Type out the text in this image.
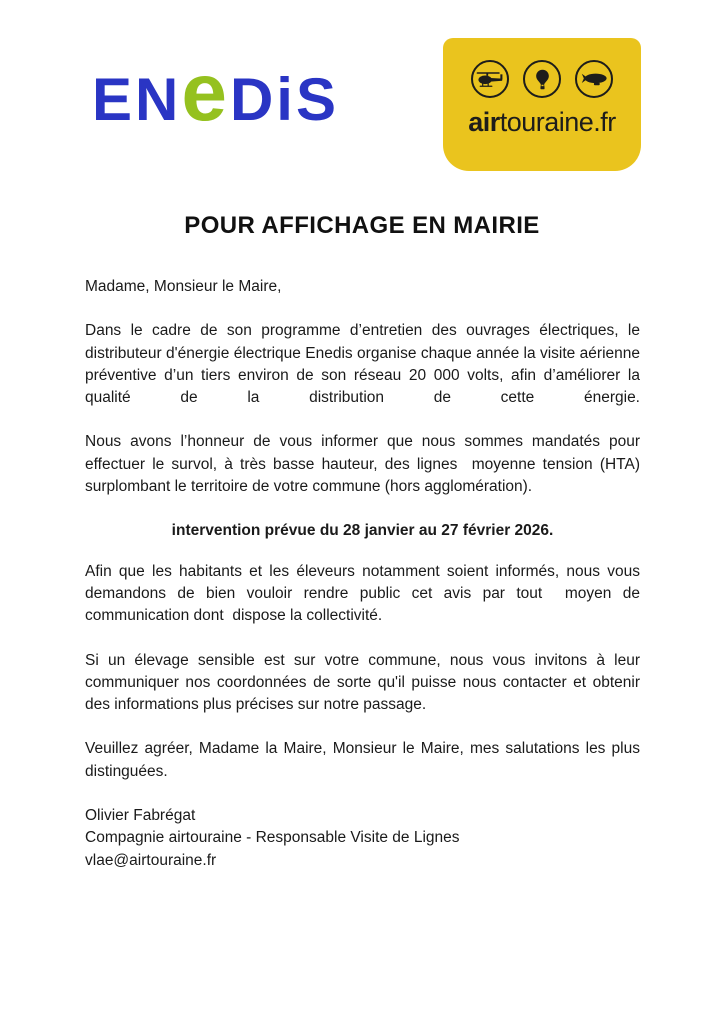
EN e DiS	airtouraine.fr
POUR AFFICHAGE EN MAIRIE

Madame, Monsieur le Maire,

Dans le cadre de son programme d’entretien des ouvrages électriques, le distributeur d'énergie électrique Enedis organise chaque année la visite aérienne préventive d’un tiers environ de son réseau 20 000 volts, afin d’améliorer la qualité de la distribution de cette énergie.

Nous avons l’honneur de vous informer que nous sommes mandatés pour effectuer le survol, à très basse hauteur, des lignes  moyenne tension (HTA) surplombant le territoire de votre commune (hors agglomération).

intervention prévue du 28 janvier au 27 février 2026.

Afin que les habitants et les éleveurs notamment soient informés, nous vous demandons de bien vouloir rendre public cet avis par tout  moyen de communication dont  dispose la collectivité.

Si un élevage sensible est sur votre commune, nous vous invitons à leur communiquer nos coordonnées de sorte qu'il puisse nous contacter et obtenir des informations plus précises sur notre passage.

Veuillez agréer, Madame la Maire, Monsieur le Maire, mes salutations les plus distinguées.

Olivier Fabrégat

Compagnie airtouraine - Responsable Visite de Lignes

vlae@airtouraine.fr
